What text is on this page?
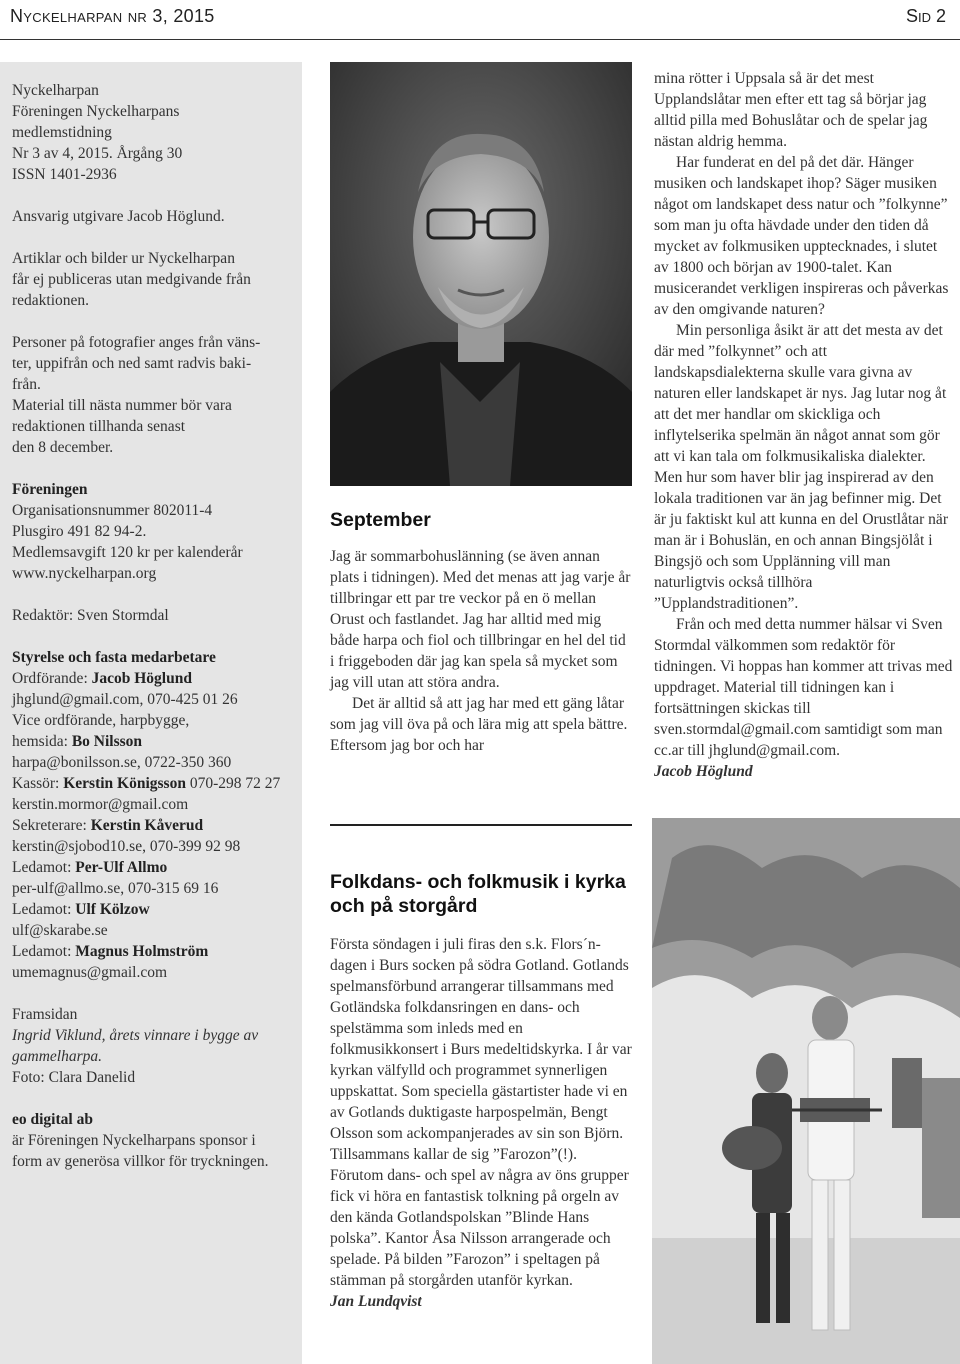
Nyckelharpan nr 3, 2015	Sid 2

Nyckelharpan

Föreningen Nyckelharpans

medlemstidning

Nr 3 av 4, 2015. Årgång 30

ISSN 1401-2936

Ansvarig utgivare Jacob Höglund.

Artiklar och bilder ur Nyckelharpan

får ej publiceras utan medgivande från

redaktionen.

Personer på fotografier anges från väns-

ter, uppifrån och ned samt radvis baki-

från.

Material till nästa nummer bör vara

redaktionen tillhanda senast

den 8 december.

Föreningen

Organisationsnummer 802011-4

Plusgiro 491 82 94-2.

Medlemsavgift 120 kr per kalenderår

www.nyckelharpan.org

Redaktör: Sven Stormdal

Styrelse och fasta medarbetare

Ordförande: Jacob Höglund

jhglund@gmail.com, 070-425 01 26

Vice ordförande, harpbygge,

hemsida: Bo Nilsson

harpa@bonilsson.se, 0722-350 360

Kassör: Kerstin Königsson 070-298 72 27

kerstin.mormor@gmail.com

Sekreterare: Kerstin Kåverud

kerstin@sjobod10.se, 070-399 92 98

Ledamot: Per-Ulf Allmo

per-ulf@allmo.se, 070-315 69 16

Ledamot: Ulf Kölzow

ulf@skarabe.se

Ledamot: Magnus Holmström

umemagnus@gmail.com

Framsidan

Ingrid Viklund, årets vinnare i bygge av

gammelharpa.

Foto: Clara Danelid

eo digital ab

är Föreningen Nyckelharpans sponsor i

form av generösa villkor för tryckningen.

September

Jag är sommarbohuslänning (se även annan plats i tidningen). Med det menas att jag varje år tillbringar ett par tre veckor på en ö mellan Orust och fastlandet. Jag har alltid med mig både harpa och fiol och tillbringar en hel del tid i friggeboden där jag kan spela så mycket som jag vill utan att störa andra.

Det är alltid så att jag har med ett gäng låtar som jag vill öva på och lära mig att spela bättre. Eftersom jag bor och har

Folkdans- och folkmusik i kyrka och på storgård

Första söndagen i juli firas den s.k. Flors´n-dagen i Burs socken på södra Gotland. Gotlands spelmansförbund arrangerar tillsammans med Gotländska folkdansringen en dans- och spelstämma som inleds med en folkmusikkonsert i Burs medeltidskyrka. I år var kyrkan välfylld och programmet synnerligen uppskattat. Som speciella gästartister hade vi en av Gotlands duktigaste harpospelmän, Bengt Olsson som ackompanjerades av sin son Björn. Tillsammans kallar de sig ”Farozon”(!). Förutom dans- och spel av några av öns grupper fick vi höra en fantastisk tolkning på orgeln av den kända Gotlandspolskan ”Blinde Hans polska”. Kantor Åsa Nilsson arrangerade och spelade. På bilden ”Farozon” i speltagen på stämman på storgården utanför kyrkan.

Jan Lundqvist

mina rötter i Uppsala så är det mest Upplandslåtar men efter ett tag så börjar jag alltid pilla med Bohuslåtar och de spelar jag nästan aldrig hemma.

Har funderat en del på det där. Hänger musiken och landskapet ihop? Säger musiken något om landskapet dess natur och ”folkynne” som man ju ofta hävdade under den tiden då mycket av folkmusiken upptecknades, i slutet av 1800 och början av 1900-talet. Kan musicerandet verkligen inspireras och påverkas av den omgivande naturen?

Min personliga åsikt är att det mesta av det där med ”folkynnet” och att landskapsdialekterna skulle vara givna av naturen eller landskapet är nys. Jag lutar nog åt att det mer handlar om skickliga och inflytelserika spelmän än något annat som gör att vi kan tala om folkmusikaliska dialekter. Men hur som haver blir jag inspirerad av den lokala traditionen var än jag befinner mig. Det är ju faktiskt kul att kunna en del Orustlåtar när man är i Bohuslän, en och annan Bingsjölåt i Bingsjö och som Upplänning vill man naturligtvis också tillhöra ”Upplandstraditionen”.

Från och med detta nummer hälsar vi Sven Stormdal välkommen som redaktör för tidningen. Vi hoppas han kommer att trivas med uppdraget. Material till tidningen kan i fortsättningen skickas till sven.stormdal@gmail.com samtidigt som man cc.ar till jhglund@gmail.com.

Jacob Höglund
